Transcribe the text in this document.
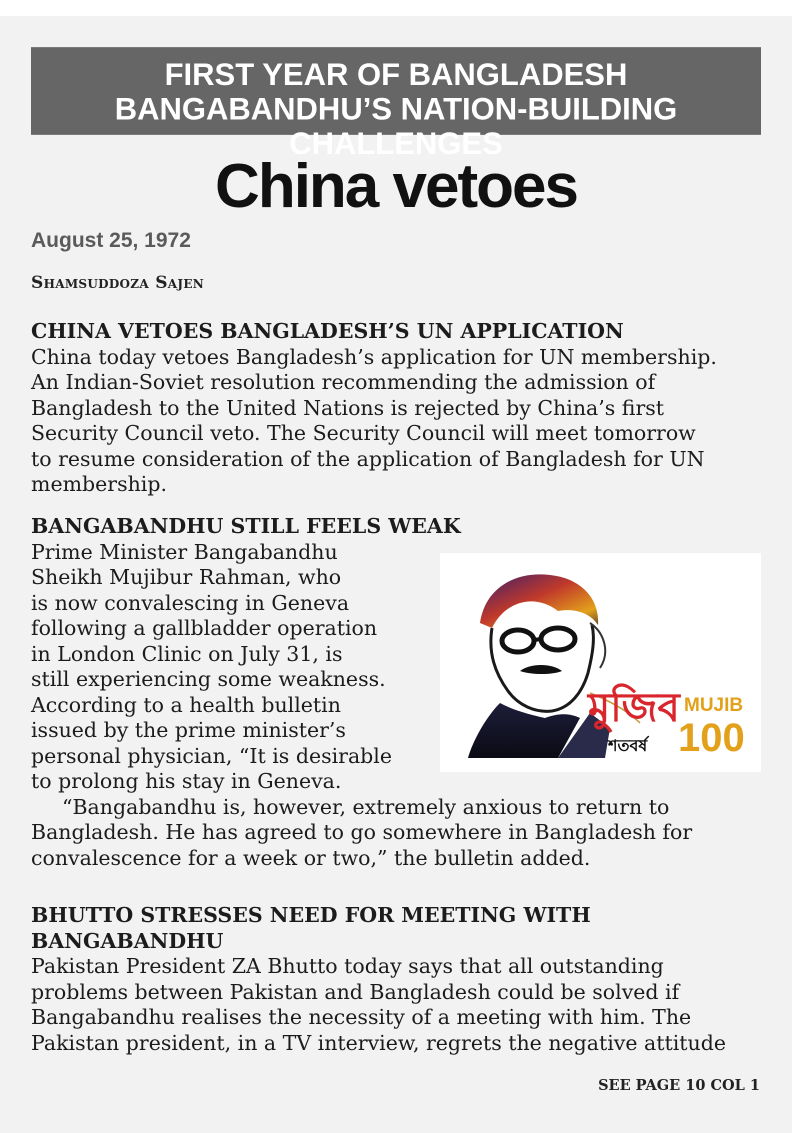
FIRST YEAR OF BANGLADESH
BANGABANDHU’S NATION-BUILDING CHALLENGES
China vetoes
August 25, 1972
Shamsuddoza Sajen
CHINA VETOES BANGLADESH’S UN APPLICATION
China today vetoes Bangladesh’s application for UN membership.
An Indian-Soviet resolution recommending the admission of
Bangladesh to the United Nations is rejected by China’s first
Security Council veto. The Security Council will meet tomorrow
to resume consideration of the application of Bangladesh for UN
membership.
BANGABANDHU STILL FEELS WEAK
Prime Minister Bangabandhu
Sheikh Mujibur Rahman, who
is now convalescing in Geneva
following a gallbladder operation
in London Clinic on July 31, is
still experiencing some weakness.
According to a health bulletin
issued by the prime minister’s
personal physician, “It is desirable
to prolong his stay in Geneva.
“Bangabandhu is, however, extremely anxious to return to
Bangladesh. He has agreed to go somewhere in Bangladesh for
convalescence for a week or two,” the bulletin added.
BHUTTO STRESSES NEED FOR MEETING WITH
BANGABANDHU
Pakistan President ZA Bhutto today says that all outstanding
problems between Pakistan and Bangladesh could be solved if
Bangabandhu realises the necessity of a meeting with him. The
Pakistan president, in a TV interview, regrets the negative attitude
মুজিব
শতবর্ষ
MUJIB
100
SEE PAGE 10 COL 1
